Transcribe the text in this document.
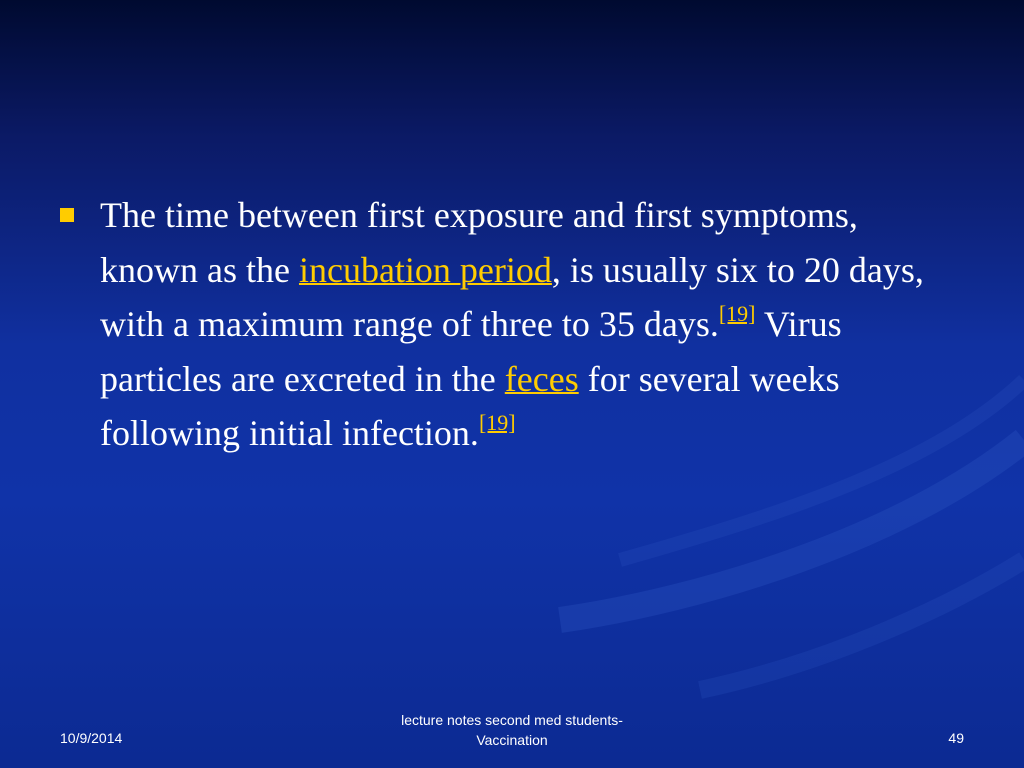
The time between first exposure and first symptoms, known as the incubation period, is usually six to 20 days, with a maximum range of three to 35 days.[19] Virus particles are excreted in the feces for several weeks following initial infection.[19]
10/9/2014
lecture notes second med students-
Vaccination	49
